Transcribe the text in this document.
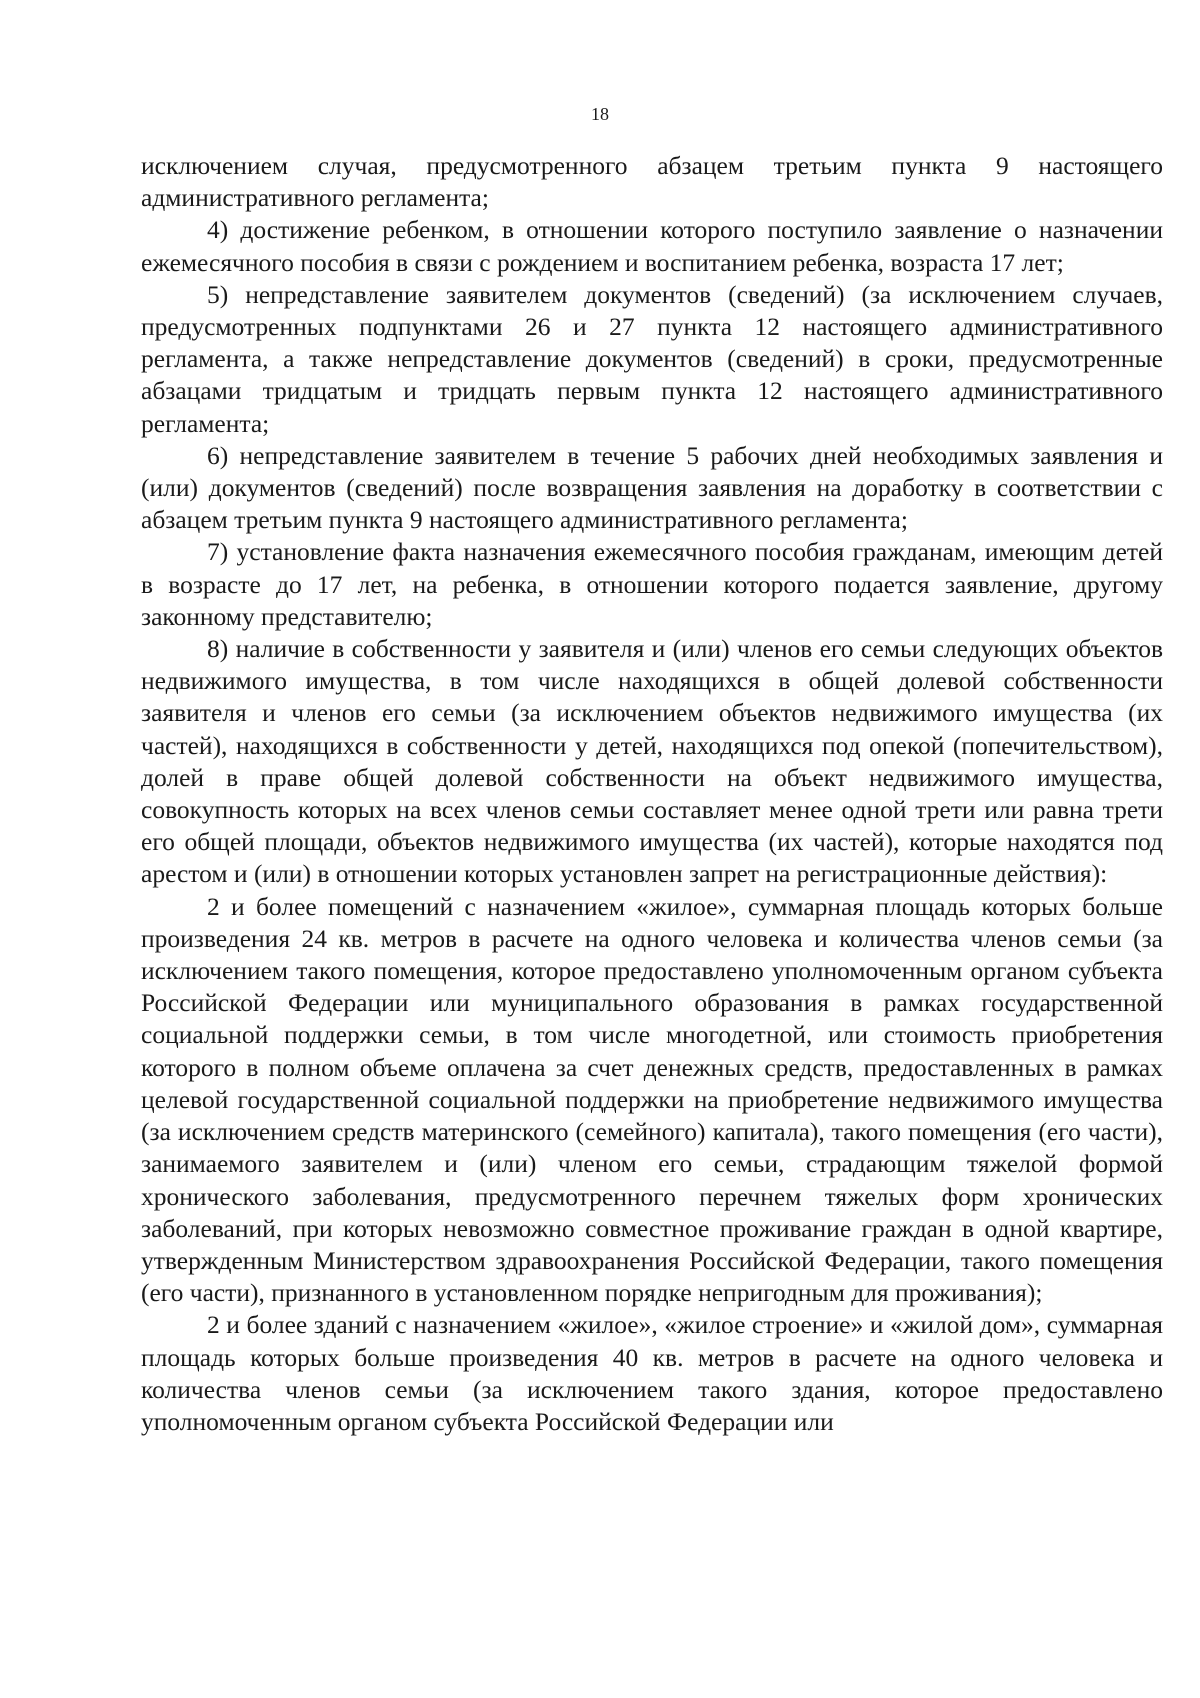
18

исключением случая, предусмотренного абзацем третьим пункта 9 настоящего административного регламента;

4) достижение ребенком, в отношении которого поступило заявление о назначении ежемесячного пособия в связи с рождением и воспитанием ребенка, возраста 17 лет;

5) непредставление заявителем документов (сведений) (за исключением случаев, предусмотренных подпунктами 26 и 27 пункта 12 настоящего административного регламента, а также непредставление документов (сведений) в сроки, предусмотренные абзацами тридцатым и тридцать первым пункта 12 настоящего административного регламента;

6) непредставление заявителем в течение 5 рабочих дней необходимых заявления и (или) документов (сведений) после возвращения заявления на доработку в соответствии с абзацем третьим пункта 9 настоящего административного регламента;

7) установление факта назначения ежемесячного пособия гражданам, имеющим детей в возрасте до 17 лет, на ребенка, в отношении которого подается заявление, другому законному представителю;

8) наличие в собственности у заявителя и (или) членов его семьи следующих объектов недвижимого имущества, в том числе находящихся в общей долевой собственности заявителя и членов его семьи (за исключением объектов недвижимого имущества (их частей), находящихся в собственности у детей, находящихся под опекой (попечительством), долей в праве общей долевой собственности на объект недвижимого имущества, совокупность которых на всех членов семьи составляет менее одной трети или равна трети его общей площади, объектов недвижимого имущества (их частей), которые находятся под арестом и (или) в отношении которых установлен запрет на регистрационные действия):

2 и более помещений с назначением «жилое», суммарная площадь которых больше произведения 24 кв. метров в расчете на одного человека и количества членов семьи (за исключением такого помещения, которое предоставлено уполномоченным органом субъекта Российской Федерации или муниципального образования в рамках государственной социальной поддержки семьи, в том числе многодетной, или стоимость приобретения которого в полном объеме оплачена за счет денежных средств, предоставленных в рамках целевой государственной социальной поддержки на приобретение недвижимого имущества (за исключением средств материнского (семейного) капитала), такого помещения (его части), занимаемого заявителем и (или) членом его семьи, страдающим тяжелой формой хронического заболевания, предусмотренного перечнем тяжелых форм хронических заболеваний, при которых невозможно совместное проживание граждан в одной квартире, утвержденным Министерством здравоохранения Российской Федерации, такого помещения (его части), признанного в установленном порядке непригодным для проживания);

2 и более зданий с назначением «жилое», «жилое строение» и «жилой дом», суммарная площадь которых больше произведения 40 кв. метров в расчете на одного человека и количества членов семьи (за исключением такого здания, которое предоставлено уполномоченным органом субъекта Российской Федерации или
